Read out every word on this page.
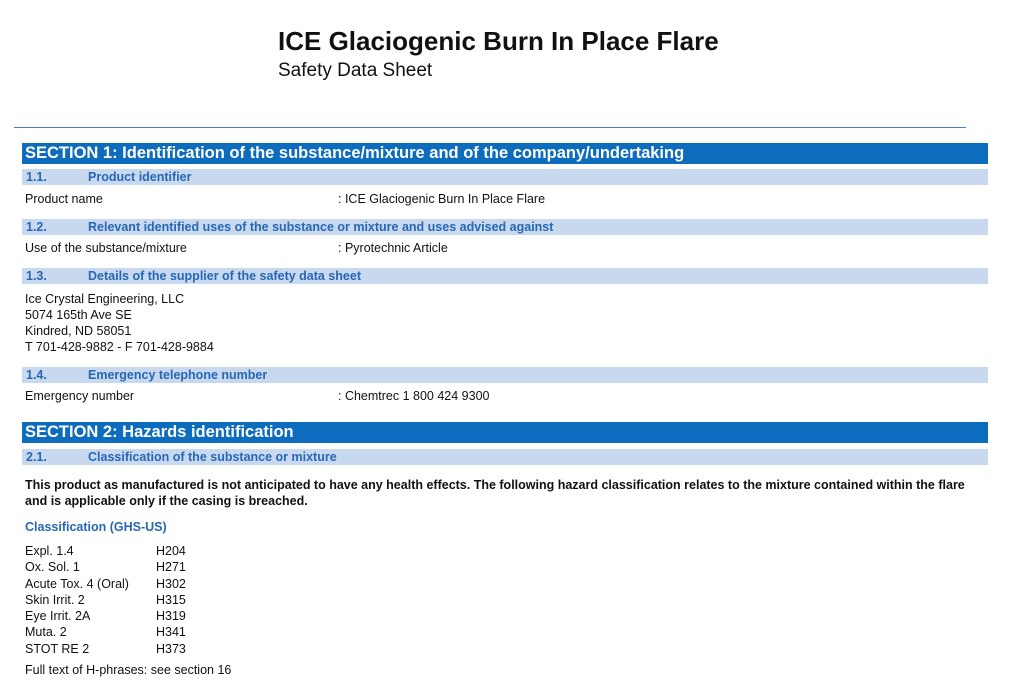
ICE Glaciogenic Burn In Place Flare
Safety Data Sheet
SECTION 1: Identification of the substance/mixture and of the company/undertaking
1.1.	Product identifier
Product name	: ICE Glaciogenic Burn In Place Flare
1.2.	Relevant identified uses of the substance or mixture and uses advised against
Use of the substance/mixture	: Pyrotechnic Article
1.3.	Details of the supplier of the safety data sheet
Ice Crystal Engineering, LLC
5074 165th Ave SE
Kindred, ND 58051
T 701-428-9882 - F 701-428-9884
1.4.	Emergency telephone number
Emergency number	: Chemtrec 1 800 424 9300
SECTION 2: Hazards identification
2.1.	Classification of the substance or mixture
This product as manufactured is not anticipated to have any health effects. The following hazard classification relates to the mixture contained within the flare and is applicable only if the casing is breached.
Classification (GHS-US)
Expl. 1.4	H204
Ox. Sol. 1	H271
Acute Tox. 4 (Oral) H302
Skin Irrit. 2	H315
Eye Irrit. 2A	H319
Muta. 2	H341
STOT RE 2	H373
Full text of H-phrases: see section 16
